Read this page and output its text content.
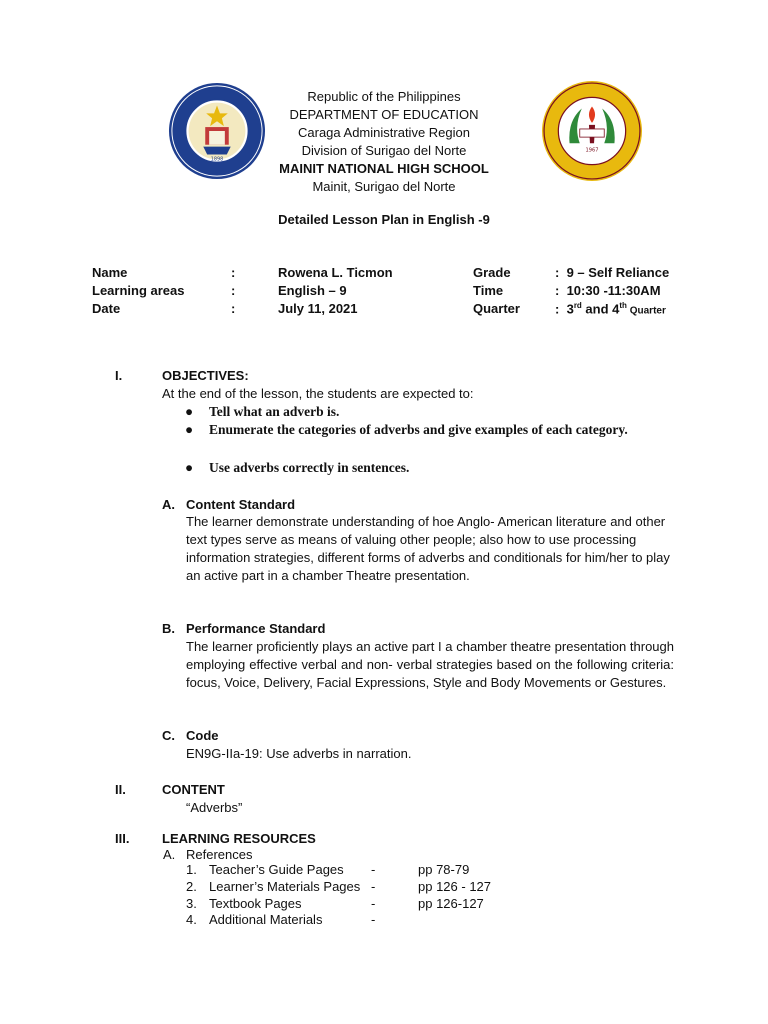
1898
Republic of the Philippines
DEPARTMENT OF EDUCATION
Caraga Administrative Region
Division of Surigao del Norte
MAINIT NATIONAL HIGH SCHOOL
Mainit, Surigao del Norte
1967
Detailed Lesson Plan in English -9
Name	:	Rowena L. Ticmon	Grade	: 9 – Self Reliance
Learning areas	:	English – 9	Time	: 10:30 -11:30AM
Date	:	July 11, 2021	Quarter	: 3rd and 4th Quarter
I.	OBJECTIVES:
At the end of the lesson, the students are expected to:
● Tell what an adverb is.
● Enumerate the categories of adverbs and give examples of each category.
● Use adverbs correctly in sentences.
A. Content Standard
The learner demonstrate understanding of hoe Anglo- American literature and other text types serve as means of valuing other people; also how to use processing information strategies, different forms of adverbs and conditionals for him/her to play an active part in a chamber Theatre presentation.
B. Performance Standard
The learner proficiently plays an active part I a chamber theatre presentation through employing effective verbal and non- verbal strategies based on the following criteria: focus, Voice, Delivery, Facial Expressions, Style and Body Movements or Gestures.
C. Code
EN9G-IIa-19: Use adverbs in narration.
II.	CONTENT
“Adverbs”
III.	LEARNING RESOURCES
A. References
1. Teacher’s Guide Pages -	pp 78-79
2. Learner’s Materials Pages -	pp 126 - 127
3. Textbook Pages	-	pp 126-127
4. Additional Materials	-
